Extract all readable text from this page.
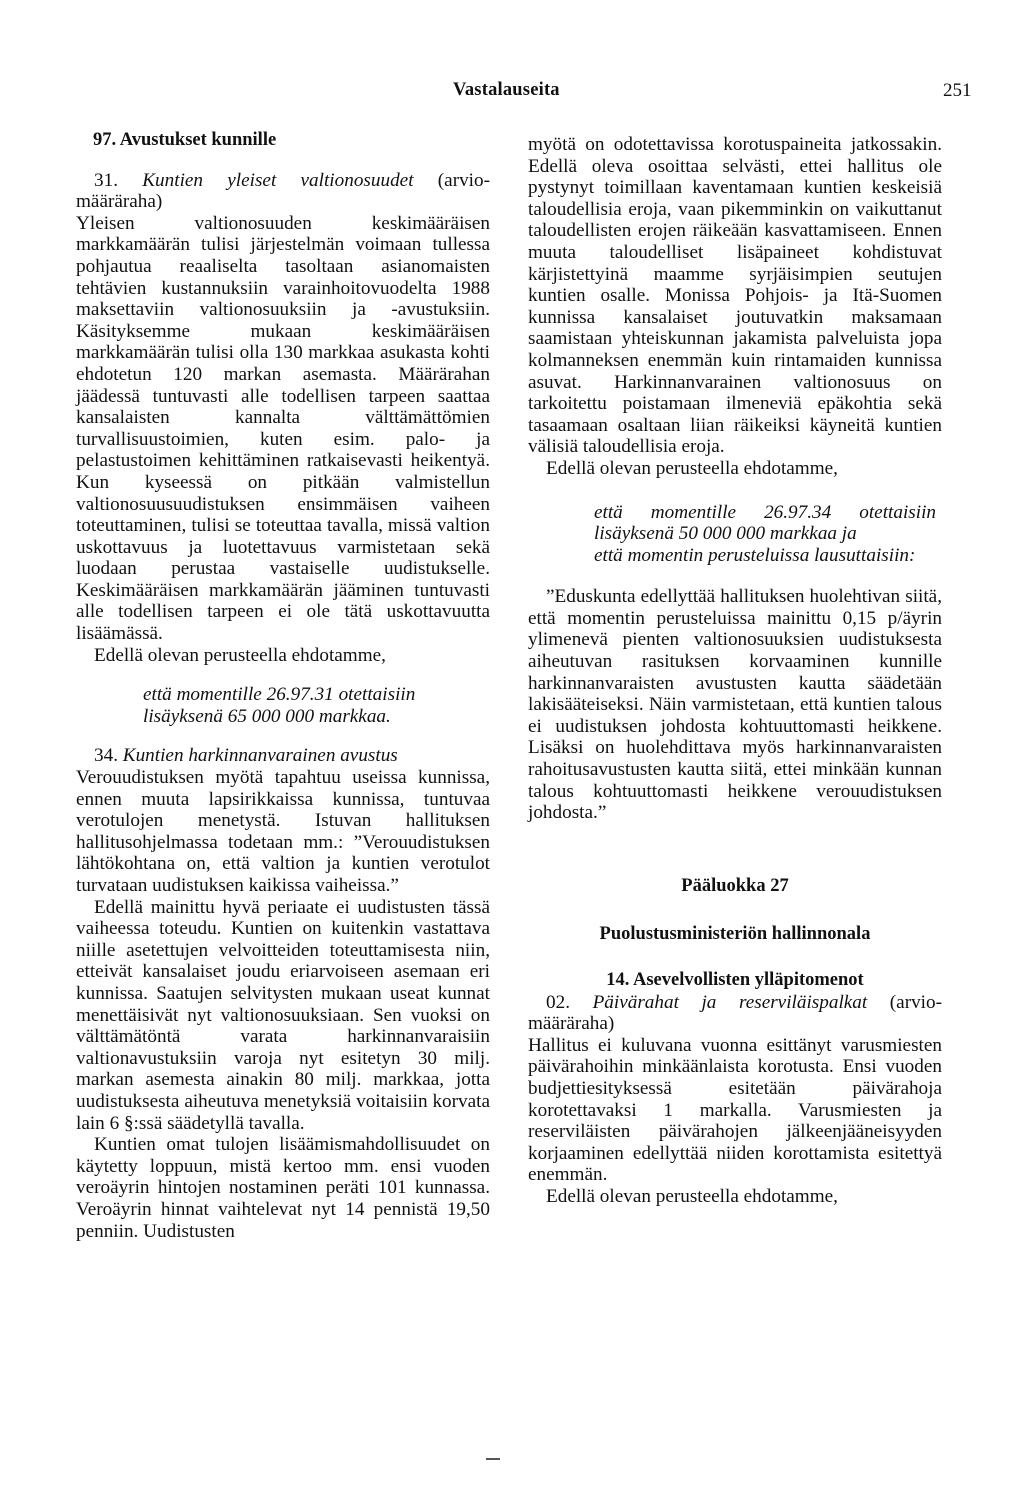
Vastalauseita	251
97. Avustukset kunnille

31. Kuntien yleiset valtionosuudet (arvio-määräraha)

Yleisen valtionosuuden keskimääräisen markkamäärän tulisi järjestelmän voimaan tullessa pohjautua reaaliselta tasoltaan asianomaisten tehtävien kustannuksiin varainhoitovuodelta 1988 maksettaviin valtionosuuksiin ja -avustuksiin. Käsityksemme mukaan keskimääräisen markkamäärän tulisi olla 130 markkaa asukasta kohti ehdotetun 120 markan asemasta. Määrärahan jäädessä tuntuvasti alle todellisen tarpeen saattaa kansalaisten kannalta välttämättömien turvallisuustoimien, kuten esim. palo- ja pelastustoimen kehittäminen ratkaisevasti heikentyä. Kun kyseessä on pitkään valmistellun valtionosuusuudistuksen ensimmäisen vaiheen toteuttaminen, tulisi se toteuttaa tavalla, missä valtion uskottavuus ja luotettavuus varmistetaan sekä luodaan perustaa vastaiselle uudistukselle. Keskimääräisen markkamäärän jääminen tuntuvasti alle todellisen tarpeen ei ole tätä uskottavuutta lisäämässä.

Edellä olevan perusteella ehdotamme,

että momentille 26.97.31 otettaisiin lisäyksenä 65 000 000 markkaa.

34. Kuntien harkinnanvarainen avustus

Verouudistuksen myötä tapahtuu useissa kunnissa, ennen muuta lapsirikkaissa kunnissa, tuntuvaa verotulojen menetystä. Istuvan hallituksen hallitusohjelmassa todetaan mm.: ”Verouudistuksen lähtökohtana on, että valtion ja kuntien verotulot turvataan uudistuksen kaikissa vaiheissa.”

Edellä mainittu hyvä periaate ei uudistusten tässä vaiheessa toteudu. Kuntien on kuitenkin vastattava niille asetettujen velvoitteiden toteuttamisesta niin, etteivät kansalaiset joudu eriarvoiseen asemaan eri kunnissa. Saatujen selvitysten mukaan useat kunnat menettäisivät nyt valtionosuuksiaan. Sen vuoksi on välttämätöntä varata harkinnanvaraisiin valtionavustuksiin varoja nyt esitetyn 30 milj. markan asemesta ainakin 80 milj. markkaa, jotta uudistuksesta aiheutuva menetyksiä voitaisiin korvata lain 6 §:ssä säädetyllä tavalla.

Kuntien omat tulojen lisäämismahdollisuudet on käytetty loppuun, mistä kertoo mm. ensi vuoden veroäyrin hintojen nostaminen peräti 101 kunnassa. Veroäyrin hinnat vaihtelevat nyt 14 pennistä 19,50 penniin. Uudistusten

myötä on odotettavissa korotuspaineita jatkossakin. Edellä oleva osoittaa selvästi, ettei hallitus ole pystynyt toimillaan kaventamaan kuntien keskeisiä taloudellisia eroja, vaan pikemminkin on vaikuttanut taloudellisten erojen räikeään kasvattamiseen. Ennen muuta taloudelliset lisäpaineet kohdistuvat kärjistettyinä maamme syrjäisimpien seutujen kuntien osalle. Monissa Pohjois- ja Itä-Suomen kunnissa kansalaiset joutuvatkin maksamaan saamistaan yhteiskunnan jakamista palveluista jopa kolmanneksen enemmän kuin rintamaiden kunnissa asuvat. Harkinnanvarainen valtionosuus on tarkoitettu poistamaan ilmeneviä epäkohtia sekä tasaamaan osaltaan liian räikeiksi käyneitä kuntien välisiä taloudellisia eroja.

Edellä olevan perusteella ehdotamme,

että momentille 26.97.34 otettaisiin lisäyksenä 50 000 000 markkaa ja

että momentin perusteluissa lausuttaisiin:

”Eduskunta edellyttää hallituksen huolehtivan siitä, että momentin perusteluissa mainittu 0,15 p/äyrin ylimenevä pienten valtionosuuksien uudistuksesta aiheutuvan rasituksen korvaaminen kunnille harkinnanvaraisten avustusten kautta säädetään lakisääteiseksi. Näin varmistetaan, että kuntien talous ei uudistuksen johdosta kohtuuttomasti heikkene. Lisäksi on huolehdittava myös harkinnanvaraisten rahoitusavustusten kautta siitä, ettei minkään kunnan talous kohtuuttomasti heikkene verouudistuksen johdosta.”

Pääluokka 27
Puolustusministeriön hallinnonala
14. Asevelvollisten ylläpitomenot

02. Päivärahat ja reserviläispalkat (arvio-määräraha)

Hallitus ei kuluvana vuonna esittänyt varusmiesten päivärahoihin minkäänlaista korotusta. Ensi vuoden budjettiesityksessä esitetään päivärahoja korotettavaksi 1 markalla. Varusmiesten ja reserviläisten päivärahojen jälkeenjääneisyyden korjaaminen edellyttää niiden korottamista esitettyä enemmän.

Edellä olevan perusteella ehdotamme,
